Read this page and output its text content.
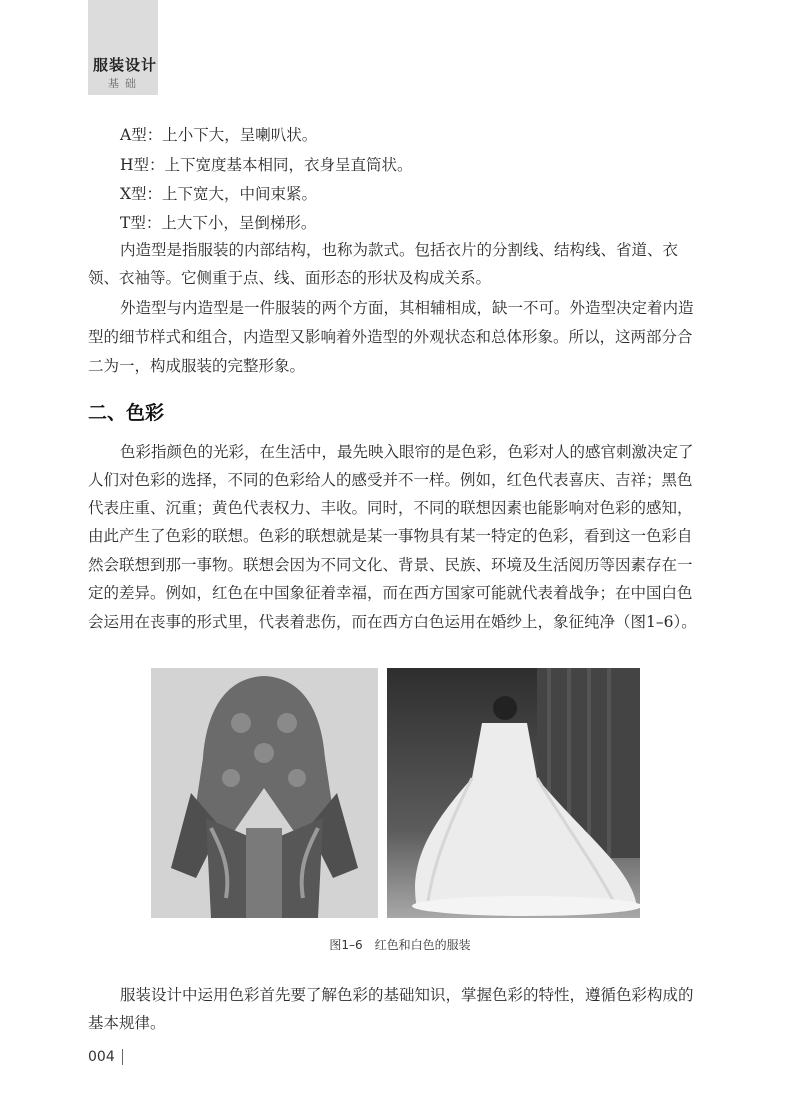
服装设计
基础
A型：上小下大，呈喇叭状。
H型：上下宽度基本相同，衣身呈直筒状。
X型：上下宽大，中间束紧。
T型：上大下小，呈倒梯形。
内造型是指服装的内部结构，也称为款式。包括衣片的分割线、结构线、省道、衣
领、衣袖等。它侧重于点、线、面形态的形状及构成关系。
外造型与内造型是一件服装的两个方面，其相辅相成，缺一不可。外造型决定着内造
型的细节样式和组合，内造型又影响着外造型的外观状态和总体形象。所以，这两部分合
二为一，构成服装的完整形象。
二、色彩
色彩指颜色的光彩，在生活中，最先映入眼帘的是色彩，色彩对人的感官刺激决定了
人们对色彩的选择，不同的色彩给人的感受并不一样。例如，红色代表喜庆、吉祥；黑色
代表庄重、沉重；黄色代表权力、丰收。同时，不同的联想因素也能影响对色彩的感知，
由此产生了色彩的联想。色彩的联想就是某一事物具有某一特定的色彩，看到这一色彩自
然会联想到那一事物。联想会因为不同文化、背景、民族、环境及生活阅历等因素存在一
定的差异。例如，红色在中国象征着幸福，而在西方国家可能就代表着战争；在中国白色
会运用在丧事的形式里，代表着悲伤，而在西方白色运用在婚纱上，象征纯净（图1–6）。
图1–6　红色和白色的服装
服装设计中运用色彩首先要了解色彩的基础知识，掌握色彩的特性，遵循色彩构成的
基本规律。
004
